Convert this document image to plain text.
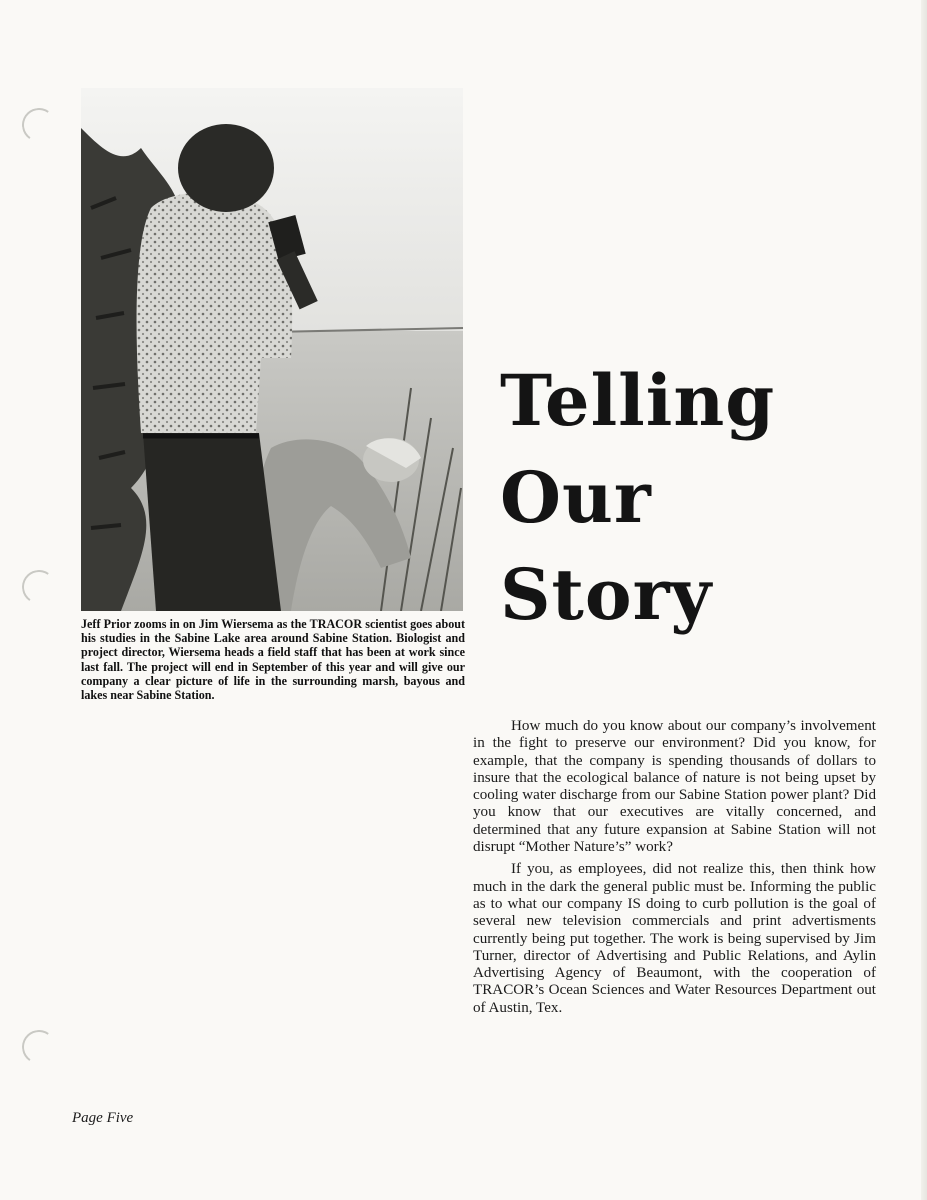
Jeff Prior zooms in on Jim Wiersema as the TRACOR scientist goes about his studies in the Sabine Lake area around Sabine Station. Biologist and project director, Wiersema heads a field staff that has been at work since last fall. The project will end in September of this year and will give our company a clear picture of life in the surrounding marsh, bayous and lakes near Sabine Station.
Telling
Our
Story

How much do you know about our company’s involvement in the fight to preserve our environment? Did you know, for example, that the company is spending thousands of dollars to insure that the ecological balance of nature is not being upset by cooling water discharge from our Sabine Station power plant? Did you know that our executives are vitally concerned, and determined that any future expansion at Sabine Station will not disrupt “Mother Nature’s” work?

If you, as employees, did not realize this, then think how much in the dark the general public must be. Informing the public as to what our company IS doing to curb pollution is the goal of several new television commercials and print advertisments currently being put together. The work is being supervised by Jim Turner, director of Advertising and Public Relations, and Aylin Advertising Agency of Beaumont, with the cooperation of TRACOR’s Ocean Sciences and Water Resources Department out of Austin, Tex.

Page Five
